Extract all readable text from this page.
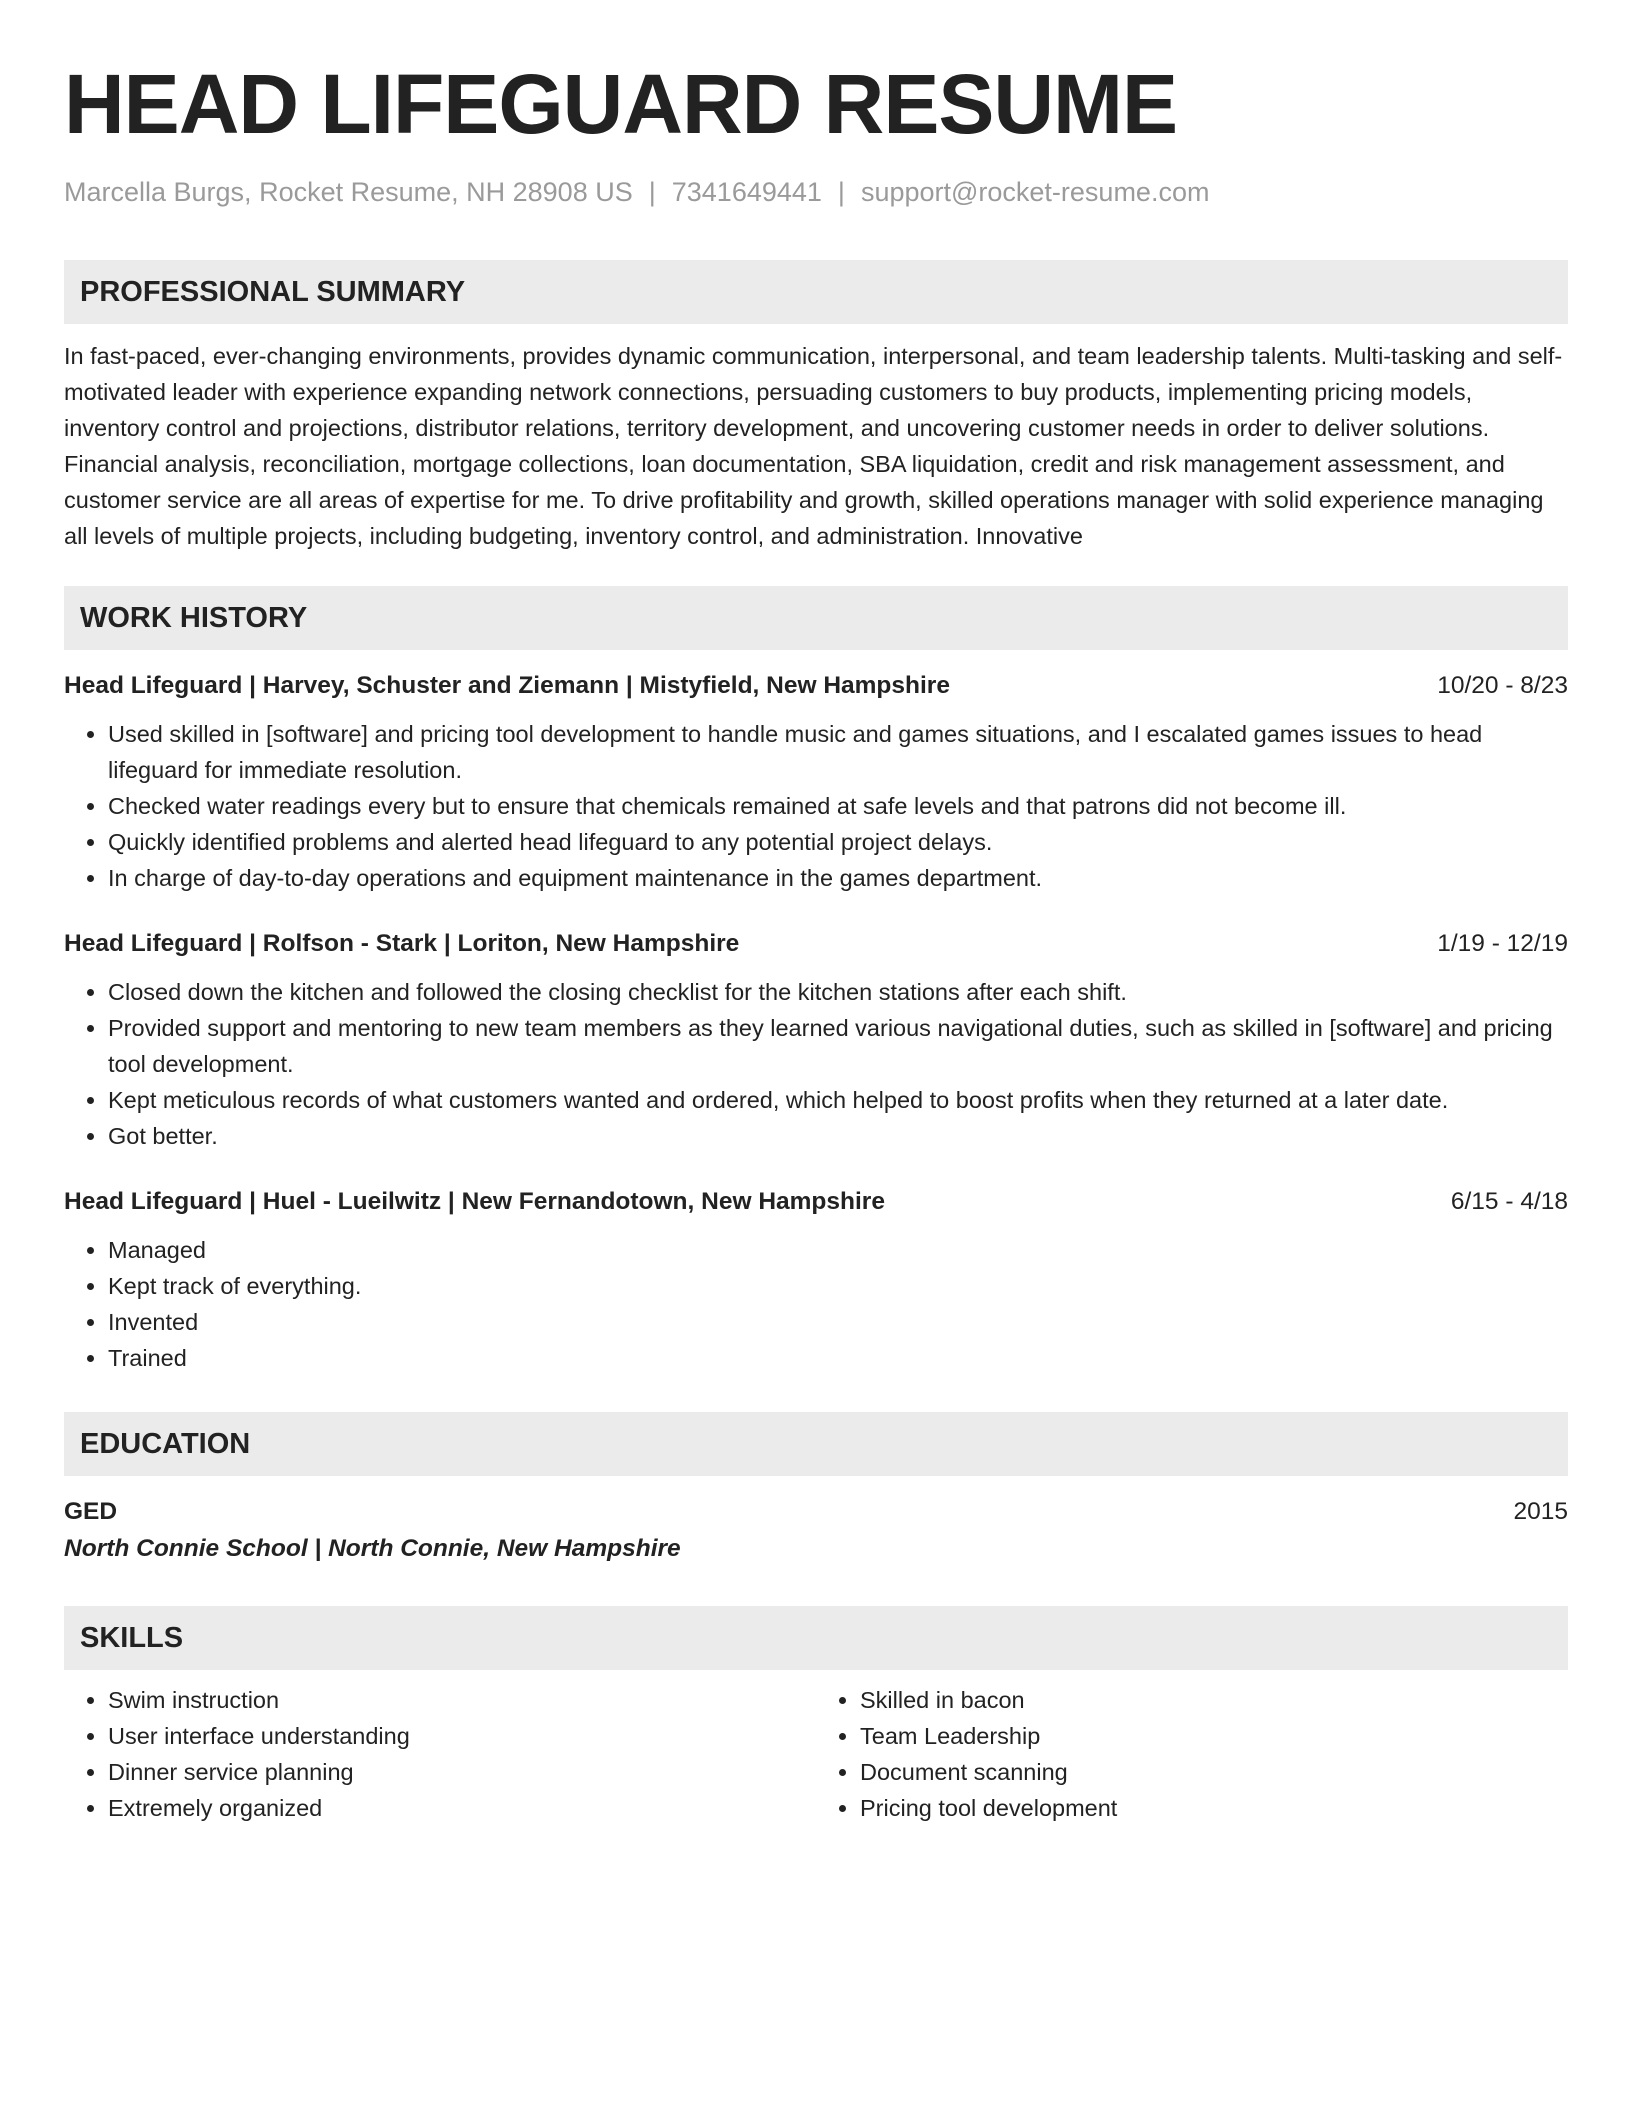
HEAD LIFEGUARD RESUME
Marcella Burgs, Rocket Resume, NH 28908 US | 7341649441 | support@rocket-resume.com
PROFESSIONAL SUMMARY

In fast-paced, ever-changing environments, provides dynamic communication, interpersonal, and team leadership talents. Multi-tasking and self-motivated leader with experience expanding network connections, persuading customers to buy products, implementing pricing models, inventory control and projections, distributor relations, territory development, and uncovering customer needs in order to deliver solutions. Financial analysis, reconciliation, mortgage collections, loan documentation, SBA liquidation, credit and risk management assessment, and customer service are all areas of expertise for me. To drive profitability and growth, skilled operations manager with solid experience managing all levels of multiple projects, including budgeting, inventory control, and administration. Innovative

WORK HISTORY
Head Lifeguard | Harvey, Schuster and Ziemann | Mistyfield, New Hampshire	10/20 - 8/23
• Used skilled in [software] and pricing tool development to handle music and games situations, and I escalated games issues to head lifeguard for immediate resolution.
• Checked water readings every but to ensure that chemicals remained at safe levels and that patrons did not become ill.
• Quickly identified problems and alerted head lifeguard to any potential project delays.
• In charge of day-to-day operations and equipment maintenance in the games department.
Head Lifeguard | Rolfson - Stark | Loriton, New Hampshire	1/19 - 12/19
• Closed down the kitchen and followed the closing checklist for the kitchen stations after each shift.
• Provided support and mentoring to new team members as they learned various navigational duties, such as skilled in [software] and pricing tool development.
• Kept meticulous records of what customers wanted and ordered, which helped to boost profits when they returned at a later date.
• Got better.
Head Lifeguard | Huel - Lueilwitz | New Fernandotown, New Hampshire	6/15 - 4/18
• Managed
• Kept track of everything.
• Invented
• Trained
EDUCATION
GED	2015
North Connie School | North Connie, New Hampshire
SKILLS
• Swim instruction
• User interface understanding
• Dinner service planning
• Extremely organized
• Skilled in bacon
• Team Leadership
• Document scanning
• Pricing tool development
